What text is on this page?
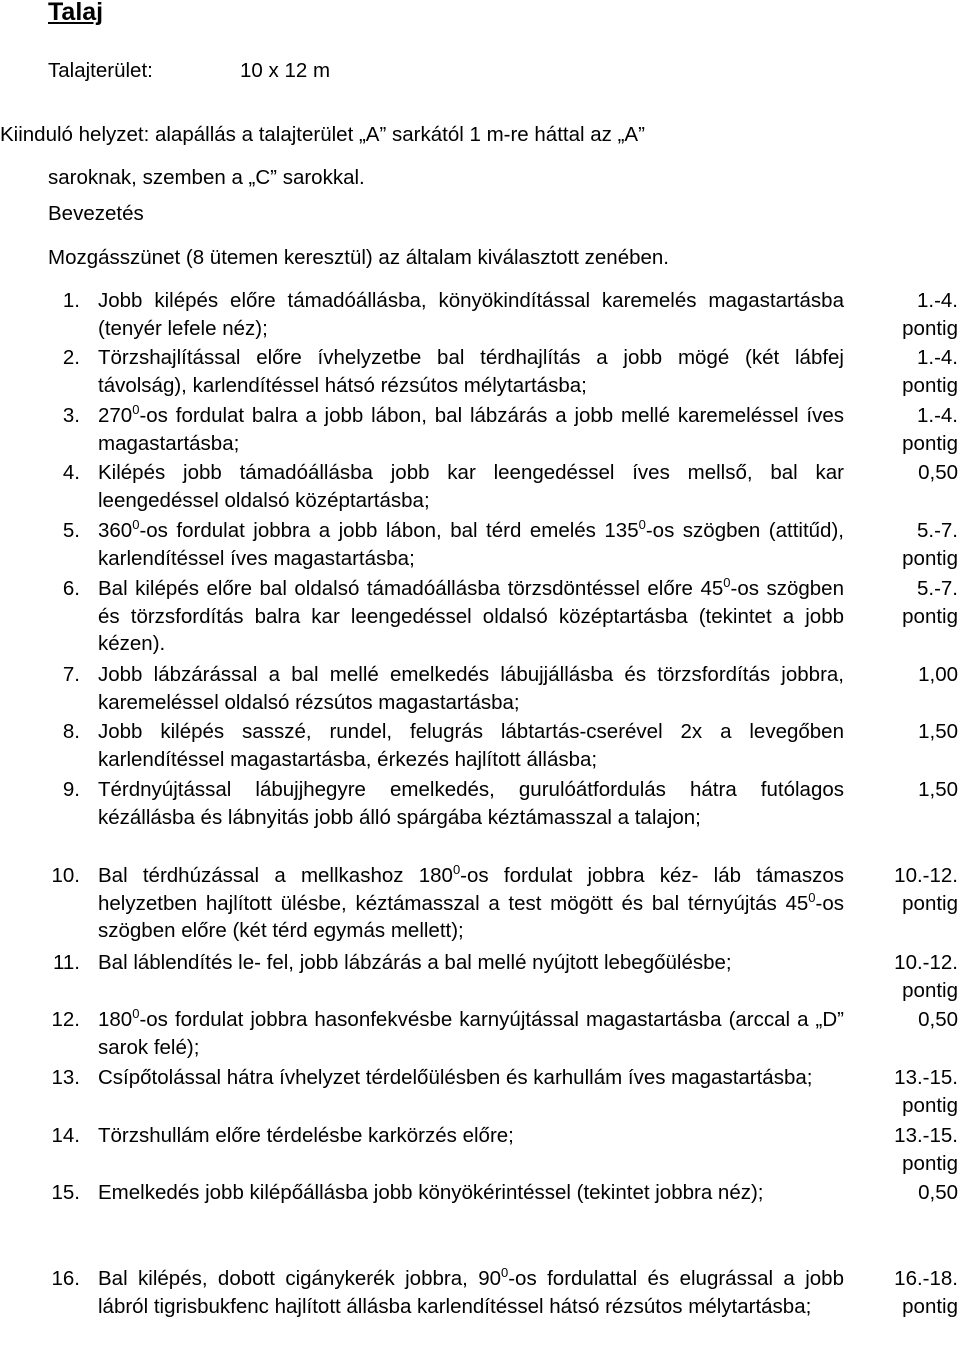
Talaj
Talajterület:	10 x 12 m

Kiinduló helyzet: alapállás a talajterület „A” sarkától 1 m-re háttal az „A”
saroknak, szemben a „C” sarokkal.

Bevezetés
Mozgásszünet (8 ütemen keresztül) az általam kiválasztott zenében.
1. Jobb kilépés előre támadóállásba, könyökindítással karemelés magastartásba (tenyér lefele néz);
1.-4. pontig
2. Törzshajlítással előre ívhelyzetbe bal térdhajlítás a jobb mögé (két lábfej távolság), karlendítéssel hátsó rézsútos mélytartásba;
1.-4. pontig
3. $270^0-os$ fordulat balra a jobb lábon, bal lábzárás a jobb mellé karemeléssel íves magastartásba;
1.-4. pontig
4. Kilépés jobb támadóállásba jobb kar leengedéssel íves mellső, bal kar leengedéssel oldalsó középtartásba;
0,50
5. $360^0-os$ fordulat jobbra a jobb lábon, bal térd emelés $135^0-os$ szögben (attitűd), karlendítéssel íves magastartásba;
5.-7. pontig
6. Bal kilépés előre bal oldalsó támadóállásba törzsdöntéssel előre $45^0-os$ szögben és törzsfordítás balra kar leengedéssel oldalsó középtartásba (tekintet a jobb kézen).
5.-7. pontig
7. Jobb lábzárással a bal mellé emelkedés lábujjállásba és törzsfordítás jobbra, karemeléssel oldalsó rézsútos magastartásba;
1,00
8. Jobb kilépés sasszé, rundel, felugrás lábtartás-cserével 2x a levegőben karlendítéssel magastartásba, érkezés hajlított állásba;
1,50
9. Térdnyújtással lábujjhegyre emelkedés, gurulóátfordulás hátra futólagos kézállásba és lábnyitás jobb álló spárgába kéztámasszal a talajon;
1,50
10. Bal térdhúzással a mellkashoz $180^0-os$ fordulat jobbra kéz- láb támaszos helyzetben hajlított ülésbe, kéztámasszal a test mögött és bal térnyújtás $45^0-os$ szögben előre (két térd egymás mellett);
10.-12. pontig
11. Bal láblendítés le- fel, jobb lábzárás a bal mellé nyújtott lebegőülésbe;	10.-12. pontig
12. $180^0-os$ fordulat jobbra hasonfekvésbe karnyújtással magastartásba (arccal a „D” sarok felé);
0,50
13. Csípőtolással hátra ívhelyzet térdelőülésben és karhullám íves magastartásba;	13.-15. pontig
14. Törzshullám előre térdelésbe karkörzés előre;	13.-15. pontig
15. Emelkedés jobb kilépőállásba jobb könyökérintéssel (tekintet jobbra néz);	0,50
16. Bal kilépés, dobott cigánykerék jobbra, $90^0-os$ fordulattal és elugrással a jobb lábról tigrisbukfenc hajlított állásba karlendítéssel hátsó rézsútos mélytartásba;
16.-18. pontig
